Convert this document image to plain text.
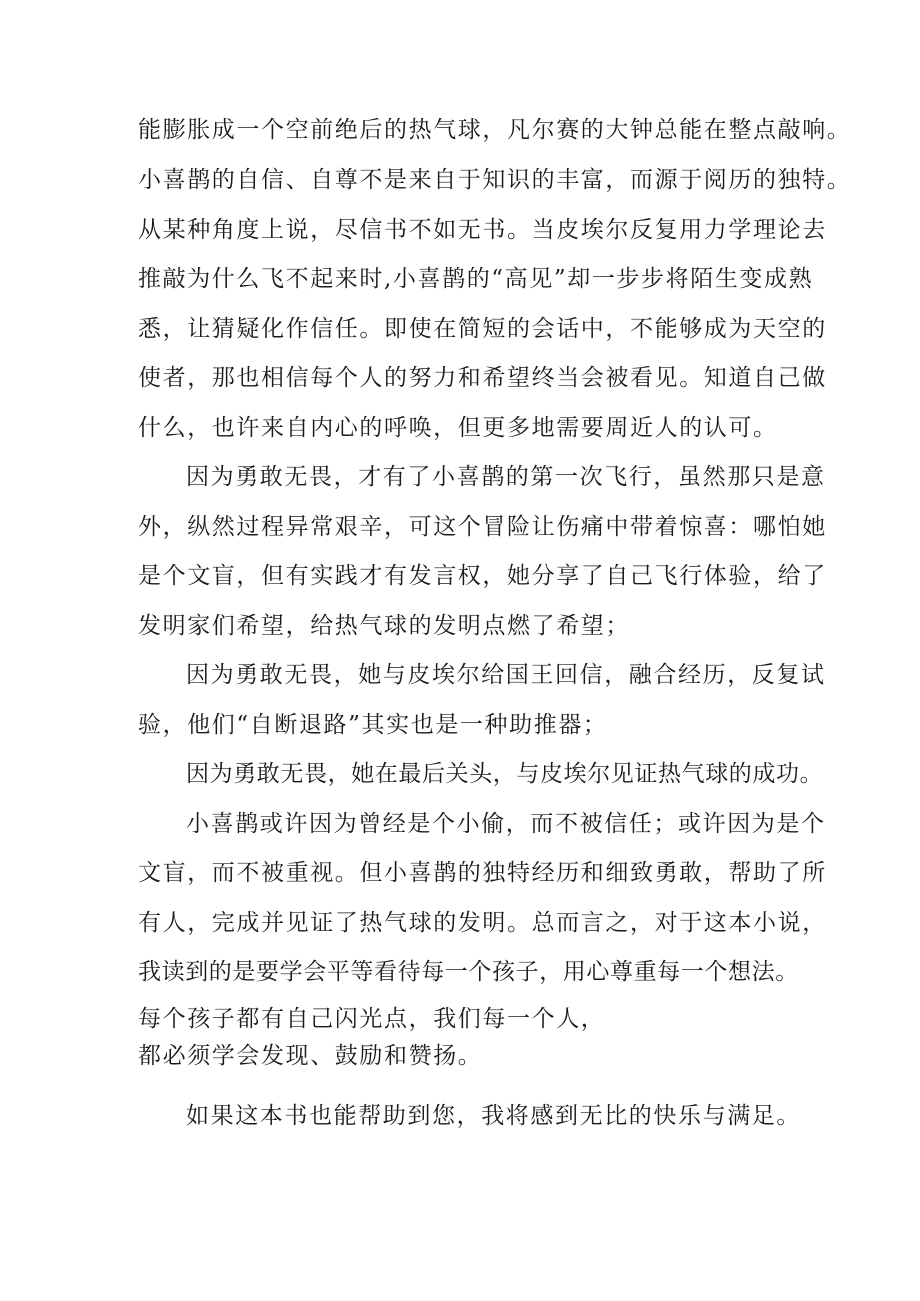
能膨胀成一个空前绝后的热气球，凡尔赛的大钟总能在整点敲响。
小喜鹊的自信、自尊不是来自于知识的丰富，而源于阅历的独特。
从某种角度上说，尽信书不如无书。当皮埃尔反复用力学理论去
推敲为什么飞不起来时,小喜鹊的“高见”却一步步将陌生变成熟
悉，让猜疑化作信任。即使在简短的会话中，不能够成为天空的
使者，那也相信每个人的努力和希望终当会被看见。知道自己做
什么，也许来自内心的呼唤，但更多地需要周近人的认可。
因为勇敢无畏，才有了小喜鹊的第一次飞行，虽然那只是意
外，纵然过程异常艰辛，可这个冒险让伤痛中带着惊喜：哪怕她
是个文盲，但有实践才有发言权，她分享了自己飞行体验，给了
发明家们希望，给热气球的发明点燃了希望；
因为勇敢无畏，她与皮埃尔给国王回信，融合经历，反复试
验，他们“自断退路”其实也是一种助推器；
因为勇敢无畏，她在最后关头，与皮埃尔见证热气球的成功。
小喜鹊或许因为曾经是个小偷，而不被信任；或许因为是个
文盲，而不被重视。但小喜鹊的独特经历和细致勇敢，帮助了所
有人，完成并见证了热气球的发明。总而言之，对于这本小说，
我读到的是要学会平等看待每一个孩子，用心尊重每一个想法。
每个孩子都有自己闪光点，我们每一个人，
都必须学会发现、鼓励和赞扬。
如果这本书也能帮助到您，我将感到无比的快乐与满足。
